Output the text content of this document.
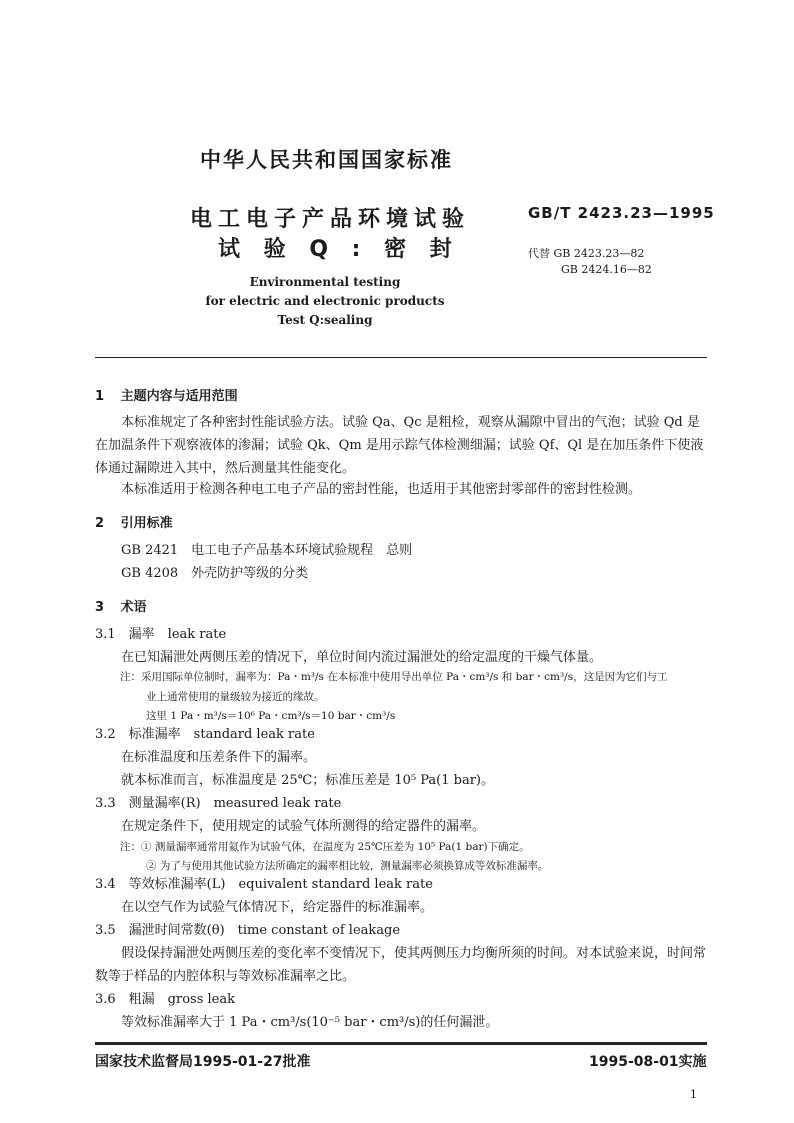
中华人民共和国国家标准
电工电子产品环境试验
试 验 Q : 密 封
GB/T 2423.23—1995
代替 GB 2423.23—82
GB 2424.16—82
Environmental testing
for electric and electronic products
Test Q:sealing
1 主题内容与适用范围
本标准规定了各种密封性能试验方法。试验 Qa、Qc 是粗检，观察从漏隙中冒出的气泡；试验 Qd 是在加温条件下观察液体的渗漏；试验 Qk、Qm 是用示踪气体检测细漏；试验 Qf、Ql 是在加压条件下使液体通过漏隙进入其中，然后测量其性能变化。
本标准适用于检测各种电工电子产品的密封性能，也适用于其他密封零部件的密封性检测。
2 引用标准
GB 2421　电工电子产品基本环境试验规程　总则
GB 4208　外壳防护等级的分类
3 术语
3.1　漏率　leak rate
在已知漏泄处两侧压差的情况下，单位时间内流过漏泄处的给定温度的干燥气体量。
注：采用国际单位制时，漏率为：Pa・m³/s 在本标准中使用导出单位 Pa・cm³/s 和 bar・cm³/s，这是因为它们与工
业上通常使用的量级较为接近的缘故。
这里 1 Pa・m³/s＝10⁶ Pa・cm³/s＝10 bar・cm³/s
3.2　标准漏率　standard leak rate
在标准温度和压差条件下的漏率。
就本标准而言，标准温度是 25℃；标准压差是 10⁵ Pa(1 bar)。
3.3　测量漏率(R)　measured leak rate
在规定条件下，使用规定的试验气体所测得的给定器件的漏率。
注：① 测量漏率通常用氦作为试验气体，在温度为 25℃压差为 10⁵ Pa(1 bar)下确定。
② 为了与使用其他试验方法所确定的漏率相比较，测量漏率必须换算成等效标准漏率。
3.4　等效标准漏率(L)　equivalent standard leak rate
在以空气作为试验气体情况下，给定器件的标准漏率。
3.5　漏泄时间常数(θ)　time constant of leakage
假设保持漏泄处两侧压差的变化率不变情况下，使其两侧压力均衡所须的时间。对本试验来说，时间常数等于样品的内腔体积与等效标准漏率之比。
3.6　粗漏　gross leak
等效标准漏率大于 1 Pa・cm³/s(10⁻⁵ bar・cm³/s)的任何漏泄。
国家技术监督局1995-01-27批准	1995-08-01实施
1
